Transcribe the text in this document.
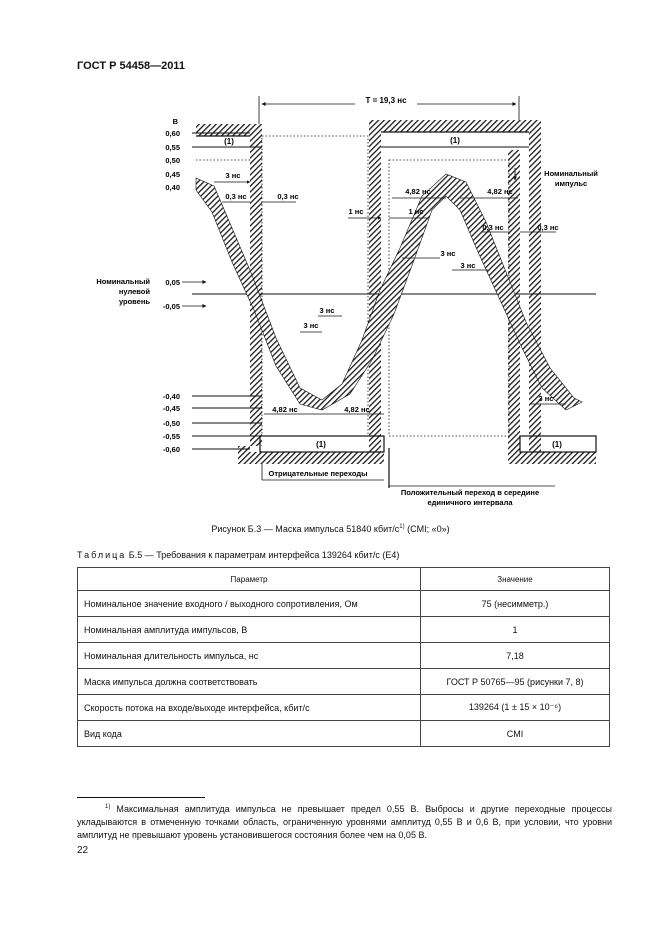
ГОСТ Р 54458—2011
T = 19,3 нс
В
0,60
0,55
0,50
0,45
0,40
0,05
-0,05
-0,40
-0,45
-0,50
-0,55
-0,60
Номинальный
нулевой
уровень
(1)	(1)
(1)	(1)
Номинальный
импульс
3 нс
0,3 нс	0,3 нс
1 нс	1 нс
4,82 нс	4,82 нс
3 нс
3 нс
0,3 нс	0,3 нс
3 нс
3 нс
4,82 нс	4,82 нс
3 нс
Отрицательные переходы
Положительный переход в середине
единичного интервала
Рисунок Б.3 — Маска импульса 51840 кбит/$с^{1)}$ (CMI; «0»)
Таблица Б.5 — Требования к параметрам интерфейса 139264 кбит/с (E4)
Параметр	Значение
Номинальное значение входного / выходного сопротивления, Ом	75 (несимметр.)
Номинальная амплитуда импульсов, В	1
Номинальная длительность импульса, нс	7,18
Маска импульса должна соответствовать	ГОСТ Р 50765—95 (рисунки 7, 8)
Скорость потока на входе/выходе интерфейса, кбит/с	139264 (1 ± 15 × 10⁻⁶)
Вид кода	CMI
$^{1)}$ Максимальная амплитуда импульса не превышает предел 0,55 В. Выбросы и другие переходные процессы укладываются в отмеченную точками область, ограниченную уровнями амплитуд 0,55 В и 0,6 В, при условии, что уровни амплитуд не превышают уровень установившегося состояния более чем на 0,05 В.
22
